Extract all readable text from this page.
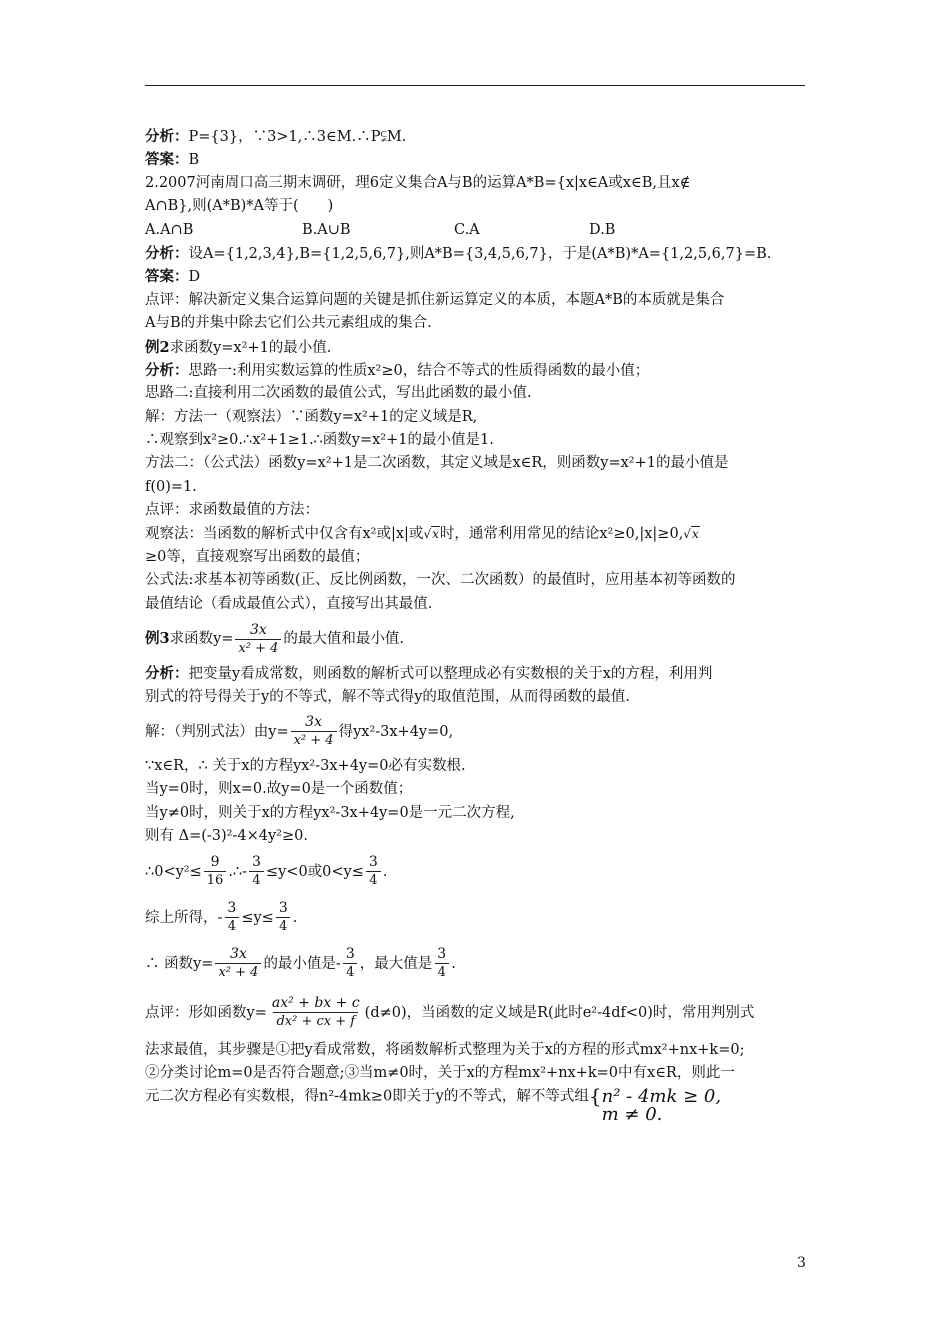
分析：P={3}，∵3>1,∴3∈M.∴P⫋M.
答案：B
2.2007河南周口高三期末调研，理6定义集合A与B的运算A*B={x|x∈A或x∈B,且x∉
A∩B},则(A*B)*A等于(　　)
A.A∩B	B.A∪B	C.A	D.B
分析：设A={1,2,3,4},B={1,2,5,6,7},则A*B={3,4,5,6,7}，于是(A*B)*A={1,2,5,6,7}=B.
答案：D
点评：解决新定义集合运算问题的关键是抓住新运算定义的本质，本题A*B的本质就是集合
A与B的并集中除去它们公共元素组成的集合.
例2求函数y=x²+1的最小值.
分析：思路一:利用实数运算的性质x²≥0，结合不等式的性质得函数的最小值；
思路二:直接利用二次函数的最值公式，写出此函数的最小值.
解：方法一（观察法）∵函数y=x²+1的定义域是R,
∴观察到x²≥0.∴x²+1≥1.∴函数y=x²+1的最小值是1.
方法二：（公式法）函数y=x²+1是二次函数，其定义域是x∈R，则函数y=x²+1的最小值是
f(0)=1.
点评：求函数最值的方法：
观察法：当函数的解析式中仅含有x²或|x|或√x时，通常利用常见的结论x²≥0,|x|≥0,√x
≥0等，直接观察写出函数的最值；
公式法:求基本初等函数(正、反比例函数，一次、二次函数）的最值时，应用基本初等函数的
最值结论（看成最值公式），直接写出其最值.
例3求函数$y= \frac{3x}{\text{x² + 4}}$ 的最大值和最小值.
分析：把变量y看成常数，则函数的解析式可以整理成必有实数根的关于x的方程，利用判
别式的符号得关于y的不等式，解不等式得y的取值范围，从而得函数的最值.
解：（判别式法）由$y= \frac{3x}{\text{x² + 4}}$ 得yx²-3x+4y=0,
∵x∈R，∴ 关于x的方程yx²-3x+4y=0必有实数根.
当y=0时，则x=0.故y=0是一个函数值；
当y≠0时，则关于x的方程yx²-3x+4y=0是一元二次方程,
则有 Δ=(-3)²-4×4y²≥0.
∴0<y²≤ $\frac{9}{16}$ .∴- $\frac{3}{4} \le y<0$或$0<y\le \frac{3}{4}$ .
综上所得，- $\frac{3}{4} \le y\le \frac{3}{4}$ .
∴ 函数$y= \frac{3x}{\text{x² + 4}}$ 的最小值是- $\frac{3}{4}$ ，最大值是 $\frac{3}{4}$ .
点评：形如函数$y= \frac{\text{ax² + bx + c}}{\text{dx² + cx + f}} (d\ne 0)$，当函数的定义域是R(此时e²-4df<0)时，常用判别式
法求最值，其步骤是①把y看成常数，将函数解析式整理为关于x的方程的形式mx²+nx+k=0;
②分类讨论m=0是否符合题意;③当m≠0时，关于x的方程mx²+nx+k=0中有x∈R，则此一
元二次方程必有实数根，得n²-4mk≥0即关于y的不等式，解不等式组{ n² - 4mk ≥ 0,
m ≠ 0.
3
